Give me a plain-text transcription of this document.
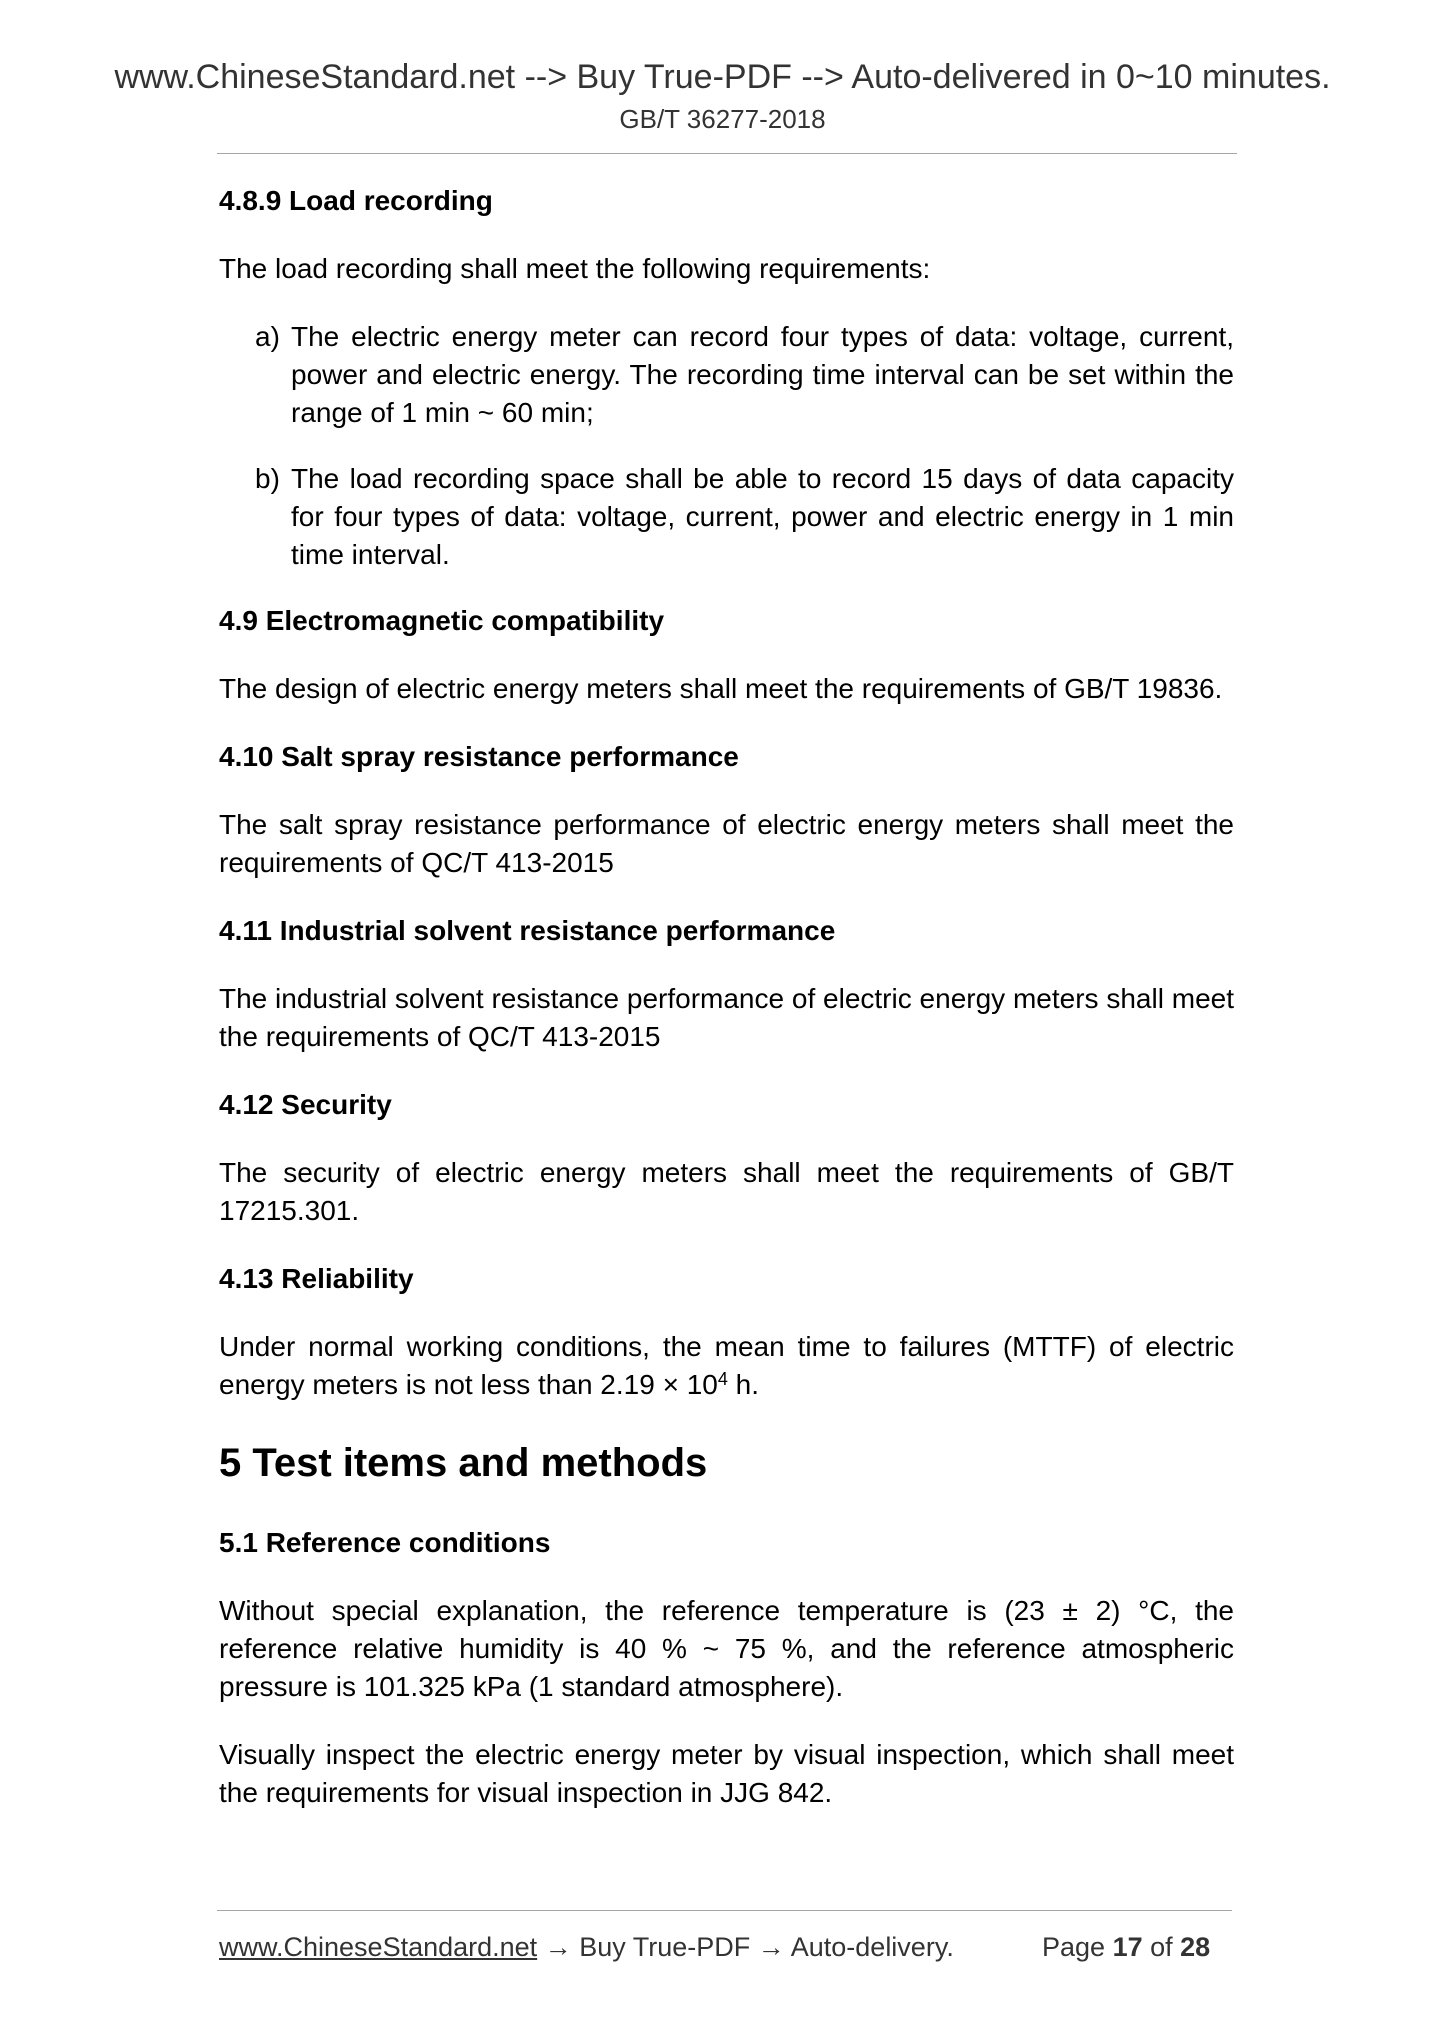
www.ChineseStandard.net --> Buy True-PDF --> Auto-delivered in 0~10 minutes.
GB/T 36277-2018
4.8.9 Load recording
The load recording shall meet the following requirements:
a) The electric energy meter can record four types of data: voltage, current, power and electric energy. The recording time interval can be set within the range of 1 min ~ 60 min;
b) The load recording space shall be able to record 15 days of data capacity for four types of data: voltage, current, power and electric energy in 1 min time interval.
4.9 Electromagnetic compatibility
The design of electric energy meters shall meet the requirements of GB/T 19836.
4.10 Salt spray resistance performance
The salt spray resistance performance of electric energy meters shall meet the requirements of QC/T 413-2015
4.11 Industrial solvent resistance performance
The industrial solvent resistance performance of electric energy meters shall meet the requirements of QC/T 413-2015
4.12 Security
The security of electric energy meters shall meet the requirements of GB/T 17215.301.
4.13 Reliability
Under normal working conditions, the mean time to failures (MTTF) of electric energy meters is not less than $2.19 \times 10^4$ h.
5 Test items and methods
5.1 Reference conditions
Without special explanation, the reference temperature is (23 ± 2) °C, the reference relative humidity is 40 % ~ 75 %, and the reference atmospheric pressure is 101.325 kPa (1 standard atmosphere).
Visually inspect the electric energy meter by visual inspection, which shall meet the requirements for visual inspection in JJG 842.
www.ChineseStandard.net → Buy True-PDF → Auto-delivery.	Page 17 of 28
